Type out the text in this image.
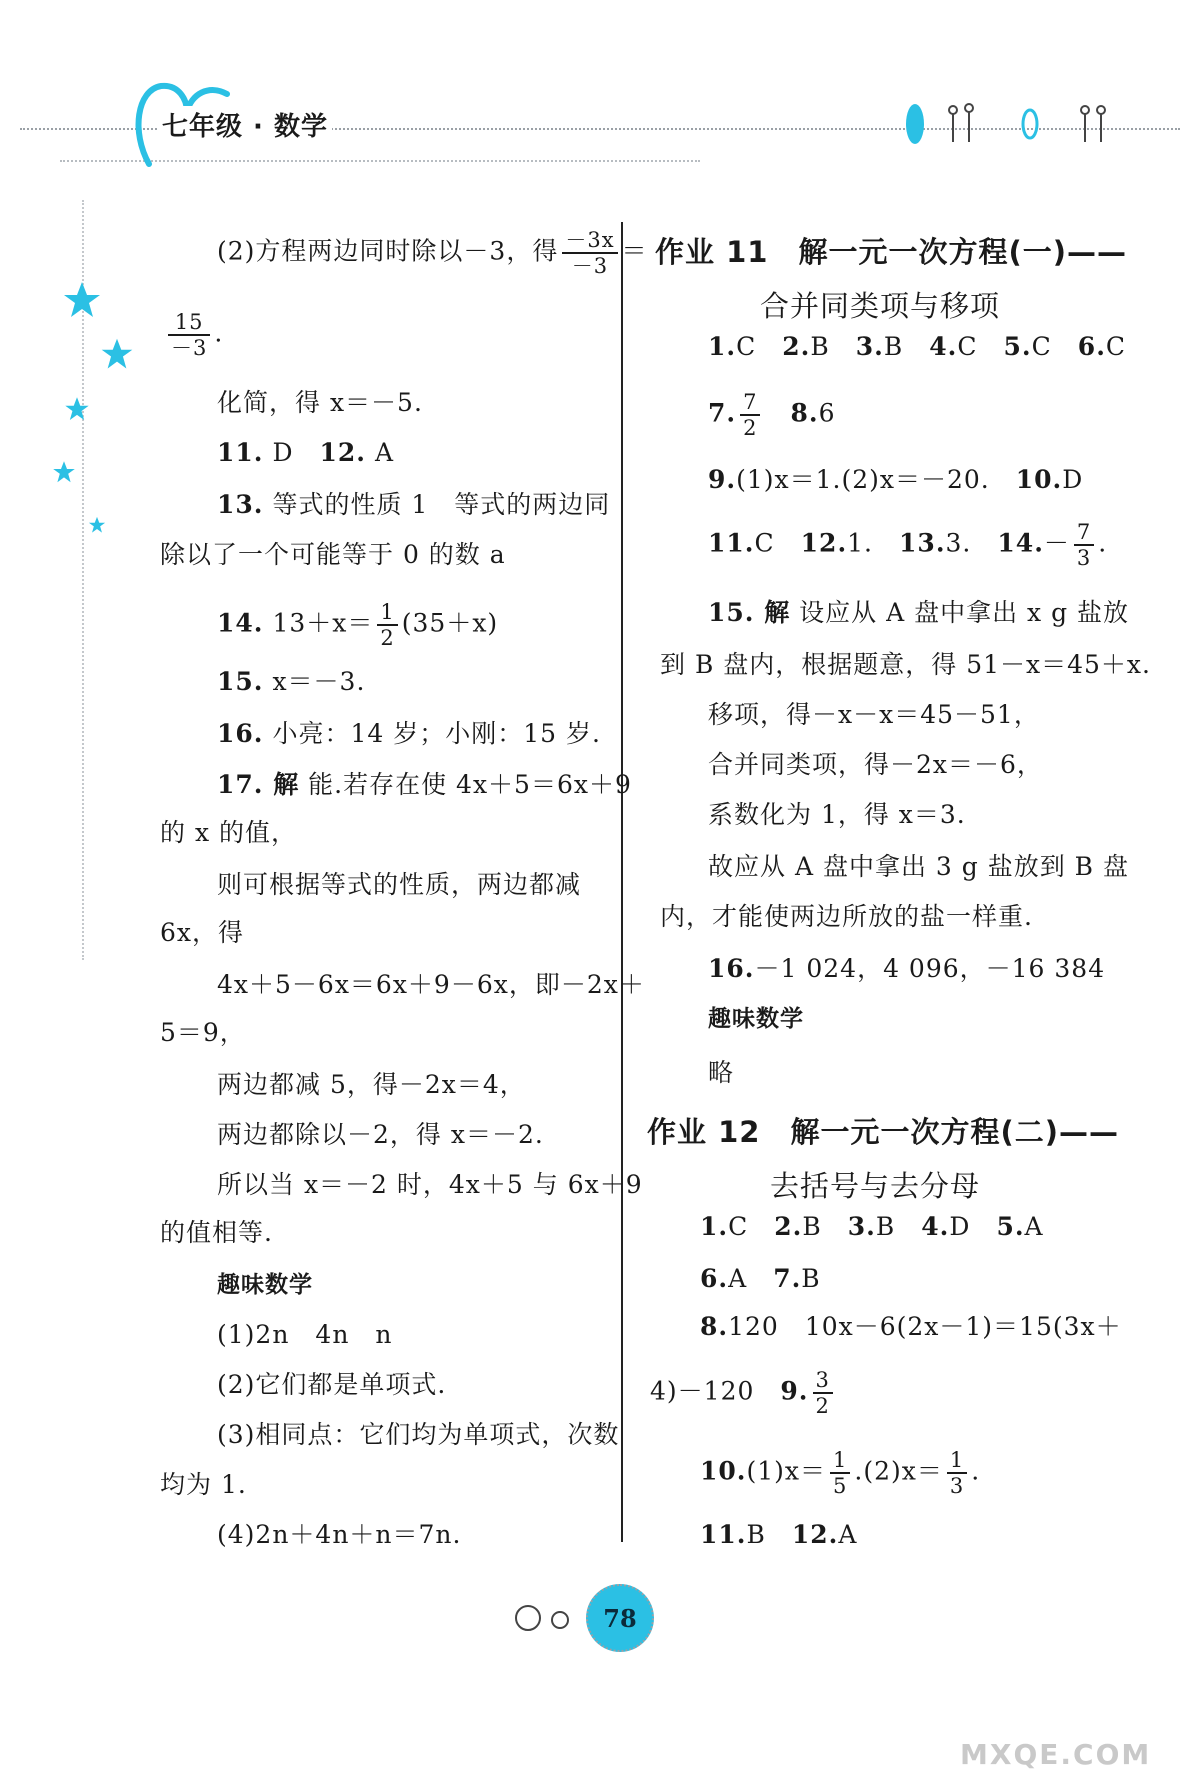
七年级 · 数学
(2)方程两边同时除以－3，得 $\frac{-3x}{-3}$ ＝
$\frac{15}{-3}$ .
化简，得 x＝－5.
11. D　 12. A
13. 等式的性质 1　等式的两边同
除以了一个可能等于 0 的数 a
14. $13+x= \frac{1}{2} (35+x)$
15. x＝－3.
16. 小亮：14 岁；小刚：15 岁.
17. 解 能.若存在使 4x＋5＝6x＋9
的 x 的值，
则可根据等式的性质，两边都减
6x，得
4x＋5－6x＝6x＋9－6x，即－2x＋
5＝9，
两边都减 5，得－2x＝4，
两边都除以－2，得 x＝－2.
所以当 x＝－2 时，4x＋5 与 6x＋9
的值相等.
趣味数学
(1)2n　4n　n
(2)它们都是单项式.
(3)相同点：它们均为单项式，次数
均为 1.
(4)2n＋4n＋n＝7n.
作业 11　解一元一次方程(一)——
合并同类项与移项
1.C　 2.B　 3.B　 4.C　 5.C　 6.C
7. $\frac{7}{2}$
　 8.6
9.(1)x＝1.(2)x＝－20.　 10.D
11.C　 12.1.　 13.3.　 $14.- \frac{7}{3}$ .
15. 解 设应从 A 盘中拿出 x g 盐放
到 B 盘内，根据题意，得 51－x＝45＋x.
移项，得－x－x＝45－51，
合并同类项，得－2x＝－6，
系数化为 1，得 x＝3.
故应从 A 盘中拿出 3 g 盐放到 B 盘
内，才能使两边所放的盐一样重.
16.－1 024，4 096，－16 384
趣味数学
略
作业 12　解一元一次方程(二)——
去括号与去分母
1.C　 2.B　 3.B　 4.D　 5.A
6.A　 7.B
8.120　10x－6(2x－1)＝15(3x＋
4)－120　 9. $\frac{3}{2}$
$10.(1)x= \frac{1}{5} .(2)x= \frac{1}{3}$ .
11.B　 12.A
78
MXQE.COM
